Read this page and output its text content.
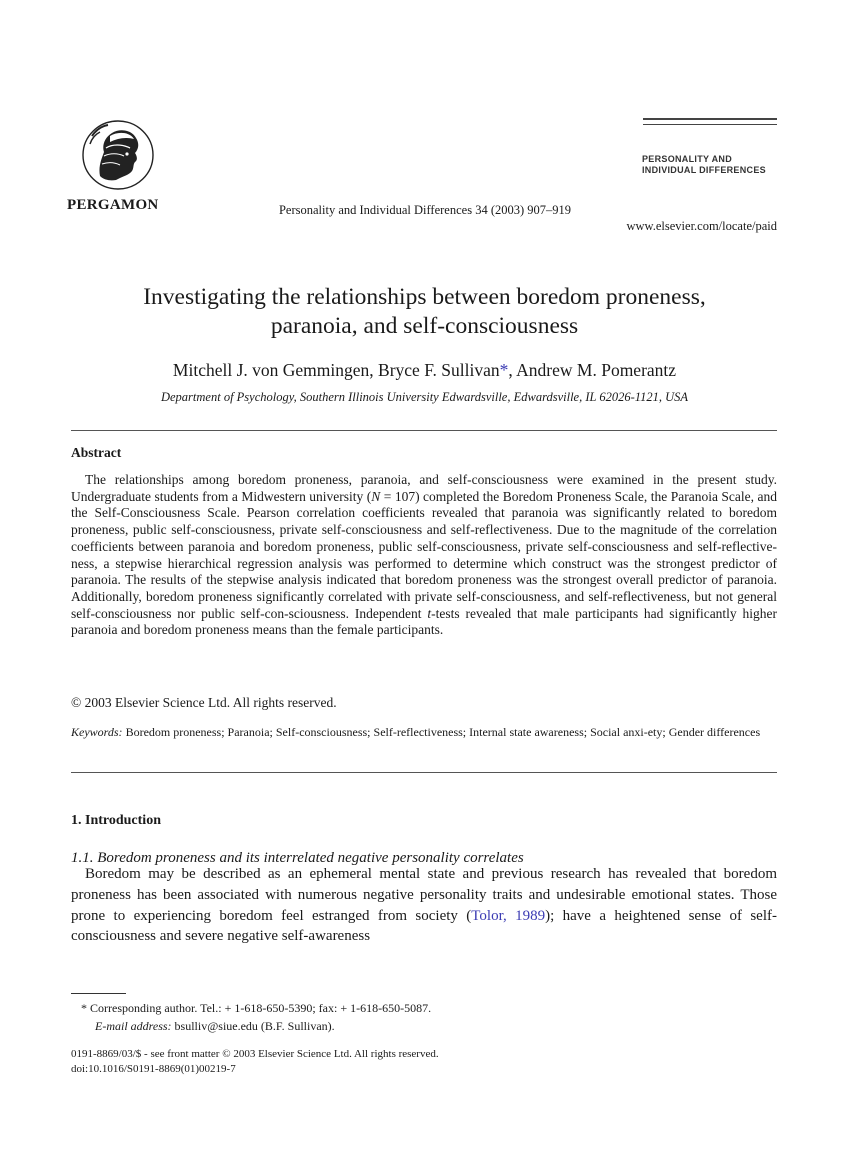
PERGAMON	Personality and Individual Differences 34 (2003) 907–919
PERSONALITY AND
INDIVIDUAL DIFFERENCES
www.elsevier.com/locate/paid
Investigating the relationships between boredom proneness,
paranoia, and self-consciousness
Mitchell J. von Gemmingen, Bryce F. Sullivan*, Andrew M. Pomerantz
Department of Psychology, Southern Illinois University Edwardsville, Edwardsville, IL 62026-1121, USA
Abstract

The relationships among boredom proneness, paranoia, and self-consciousness were examined in the present study. Undergraduate students from a Midwestern university (N = 107) completed the Boredom Proneness Scale, the Paranoia Scale, and the Self-Consciousness Scale. Pearson correlation coefficients revealed that paranoia was significantly related to boredom proneness, public self-consciousness, private self-consciousness and self-reflectiveness. Due to the magnitude of the correlation coefficients between paranoia and boredom proneness, public self-consciousness, private self-consciousness and self-reflective-ness, a stepwise hierarchical regression analysis was performed to determine which construct was the strongest predictor of paranoia. The results of the stepwise analysis indicated that boredom proneness was the strongest overall predictor of paranoia. Additionally, boredom proneness significantly correlated with private self-consciousness, and self-reflectiveness, but not general self-consciousness nor public self-con-sciousness. Independent t-tests revealed that male participants had significantly higher paranoia and boredom proneness means than the female participants.

© 2003 Elsevier Science Ltd. All rights reserved.
Keywords: Boredom proneness; Paranoia; Self-consciousness; Self-reflectiveness; Internal state awareness; Social anxi-ety; Gender differences
1. Introduction
1.1. Boredom proneness and its interrelated negative personality correlates

Boredom may be described as an ephemeral mental state and previous research has revealed that boredom proneness has been associated with numerous negative personality traits and undesirable emotional states. Those prone to experiencing boredom feel estranged from society (Tolor, 1989); have a heightened sense of self-consciousness and severe negative self-awareness

* Corresponding author. Tel.: + 1-618-650-5390; fax: + 1-618-650-5087.
E-mail address: bsulliv@siue.edu (B.F. Sullivan).
0191-8869/03/$ - see front matter © 2003 Elsevier Science Ltd. All rights reserved.
doi:10.1016/S0191-8869(01)00219-7
